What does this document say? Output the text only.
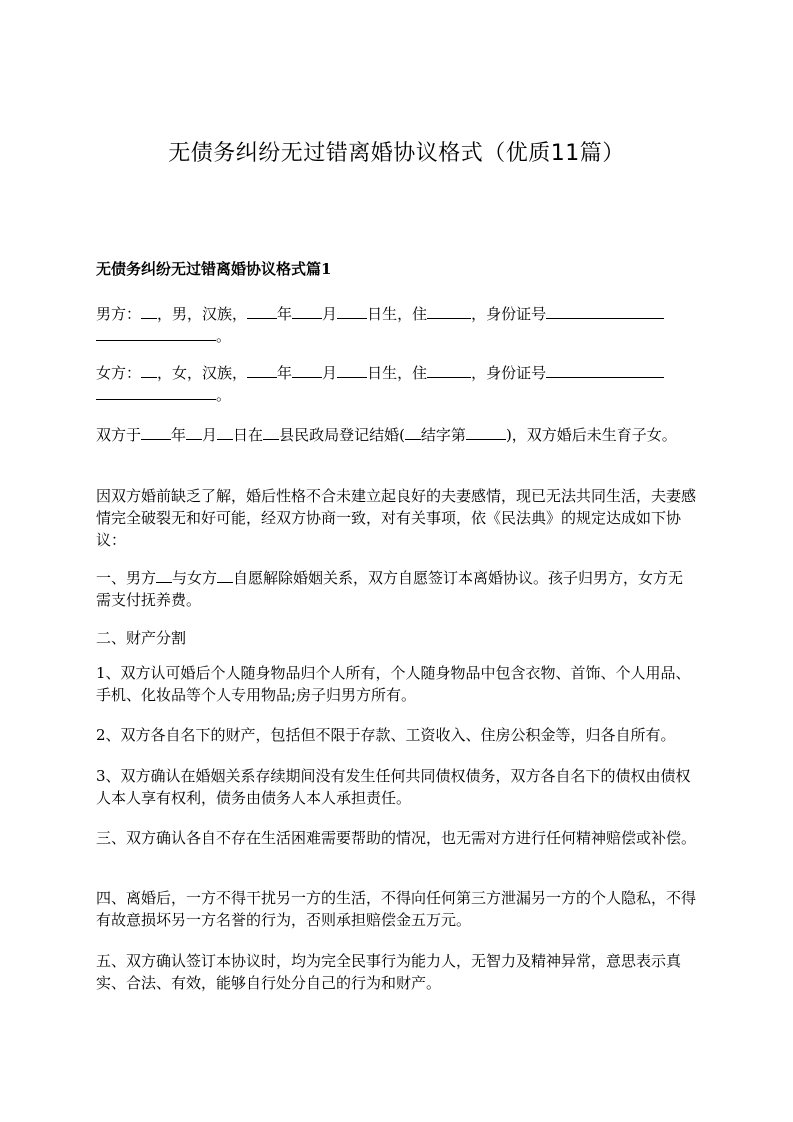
无债务纠纷无过错离婚协议格式（优质11篇）
无债务纠纷无过错离婚协议格式篇1

男方： ，男，汉族， 年 月 日生，住	，身份证号。

女方： ，女，汉族， 年 月 日生，住	，身份证号。

双方于 年 月 日在 县民政局登记结婚( 结字第	)，双方婚后未生育子女。

因双方婚前缺乏了解，婚后性格不合未建立起良好的夫妻感情，现已无法共同生活，夫妻感情完全破裂无和好可能，经双方协商一致，对有关事项，依《民法典》的规定达成如下协议：

一、男方 与女方 自愿解除婚姻关系，双方自愿签订本离婚协议。孩子归男方，女方无需支付抚养费。

二、财产分割

1、双方认可婚后个人随身物品归个人所有，个人随身物品中包含衣物、首饰、个人用品、手机、化妆品等个人专用物品;房子归男方所有。

2、双方各自名下的财产，包括但不限于存款、工资收入、住房公积金等，归各自所有。

3、双方确认在婚姻关系存续期间没有发生任何共同债权债务，双方各自名下的债权由债权人本人享有权利，债务由债务人本人承担责任。

三、双方确认各自不存在生活困难需要帮助的情况，也无需对方进行任何精神赔偿或补偿。

四、离婚后，一方不得干扰另一方的生活，不得向任何第三方泄漏另一方的个人隐私，不得有故意损坏另一方名誉的行为，否则承担赔偿金五万元。

五、双方确认签订本协议时，均为完全民事行为能力人，无智力及精神异常，意思表示真实、合法、有效，能够自行处分自己的行为和财产。
